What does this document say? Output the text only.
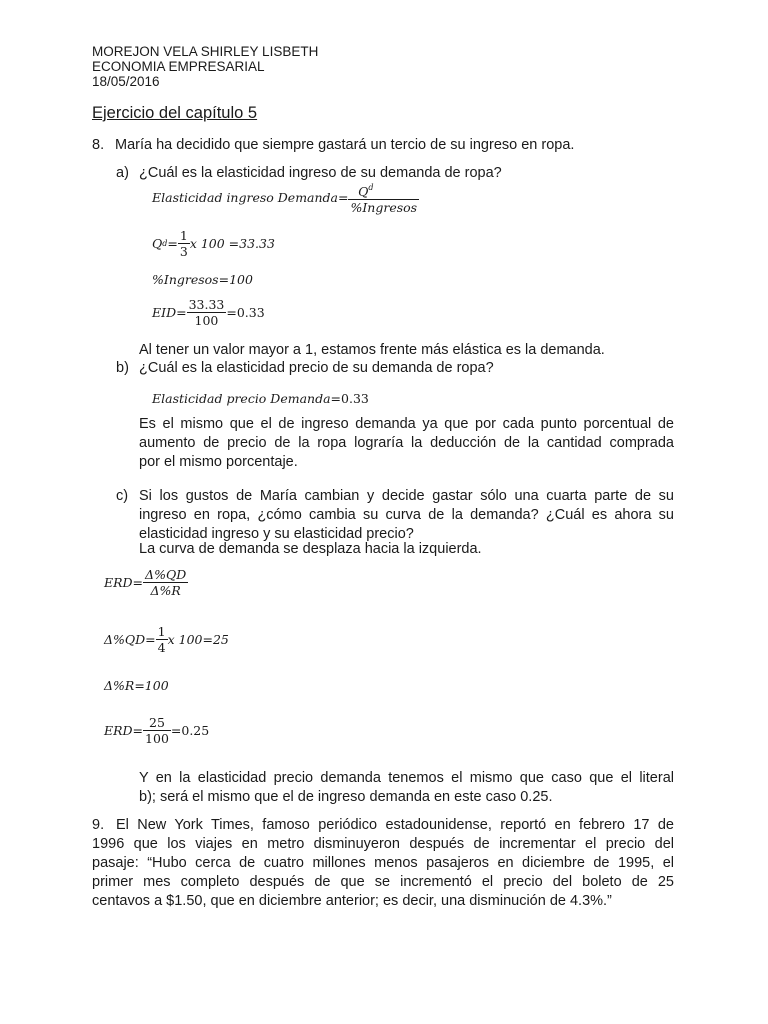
MOREJON VELA SHIRLEY LISBETH
ECONOMIA EMPRESARIAL
18/05/2016
Ejercicio del capítulo 5
8. María ha decidido que siempre gastará un tercio de su ingreso en ropa.
a) ¿Cuál es la elasticidad ingreso de su demanda de ropa?
Elasticidad ingreso Demanda= $\frac{Q^d}{\text{\%Ingresos}}$
Q $d = \frac{1}{3}$ x 100 =33.33
%Ingresos=100
$EID= \frac{33.33}{100} =0.33$
Al tener un valor mayor a 1, estamos frente más elástica es la demanda.
b) ¿Cuál es la elasticidad precio de su demanda de ropa?
Elasticidad precio Demanda=0.33
Es el mismo que el de ingreso demanda ya que por cada punto porcentual de
aumento de precio de la ropa lograría la deducción de la cantidad comprada
por el mismo porcentaje.
c) Si los gustos de María cambian y decide gastar sólo una cuarta parte de su
ingreso en ropa, ¿cómo cambia su curva de la demanda? ¿Cuál es ahora su
elasticidad ingreso y su elasticidad precio?
La curva de demanda se desplaza hacia la izquierda.
$ERD= \frac{\Delta\%QD}{\Delta\%R}$
$\Delta\%QD= \frac{1}{4}$ x 100=25
Δ%R=100
$ERD= \frac{25}{100} =0.25$
Y en la elasticidad precio demanda tenemos el mismo que caso que el literal
b); será el mismo que el de ingreso demanda en este caso 0.25.
9. El New York Times, famoso periódico estadounidense, reportó en febrero 17 de
1996 que los viajes en metro disminuyeron después de incrementar el precio del
pasaje: “Hubo cerca de cuatro millones menos pasajeros en diciembre de 1995, el
primer mes completo después de que se incrementó el precio del boleto de 25
centavos a $1.50, que en diciembre anterior; es decir, una disminución de 4.3%.”
